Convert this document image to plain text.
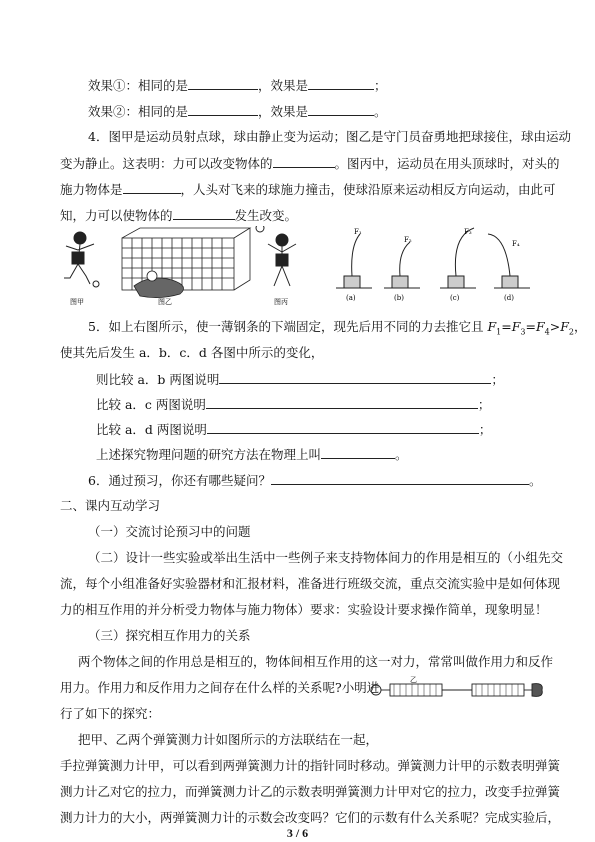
效果①：相同的是	，效果是	；
效果②：相同的是	，效果是	。
4．图甲是运动员射点球，球由静止变为运动；图乙是守门员奋勇地把球接住，球由运动
变为静止。这表明：力可以改变物体的	。图丙中，运动员在用头顶球时，对头的
施力物体是	，人头对飞来的球施力撞击，使球沿原来运动相反方向运动，由此可
知，力可以使物体的	发生改变。
图甲	图乙	图丙
F₁
F₂
F₃
F₄
(a)	(b)	(c)	(d)
5．如上右图所示，使一薄钢条的下端固定，现先后用不同的力去推它且 $F_1=F_3=F_4>F_2$，
使其先后发生 a．b．c．d 各图中所示的变化，
则比较 a．b 两图说明	；
比较 a．c 两图说明	；
比较 a．d 两图说明	；
上述探究物理问题的研究方法在物理上叫	。
6．通过预习，你还有哪些疑问？	。
二、课内互动学习
（一）交流讨论预习中的问题
（二）设计一些实验或举出生活中一些例子来支持物体间力的作用是相互的（小组先交
流，每个小组准备好实验器材和汇报材料，准备进行班级交流，重点交流实验中是如何体现
力的相互作用的并分析受力物体与施力物体）要求：实验设计要求操作简单，现象明显！
（三）探究相互作用力的关系
两个物体之间的作用总是相互的，物体间相互作用的这一对力，常常叫做作用力和反作
用力。作用力和反作用力之间存在什么样的关系呢?小明进
行了如下的探究：
乙
把甲、乙两个弹簧测力计如图所示的方法联结在一起，
手拉弹簧测力计甲，可以看到两弹簧测力计的指针同时移动。弹簧测力计甲的示数表明弹簧
测力计乙对它的拉力，而弹簧测力计乙的示数表明弹簧测力计甲对它的拉力，改变手拉弹簧
测力计力的大小，两弹簧测力计的示数会改变吗？它们的示数有什么关系呢？完成实验后，
3 / 6
